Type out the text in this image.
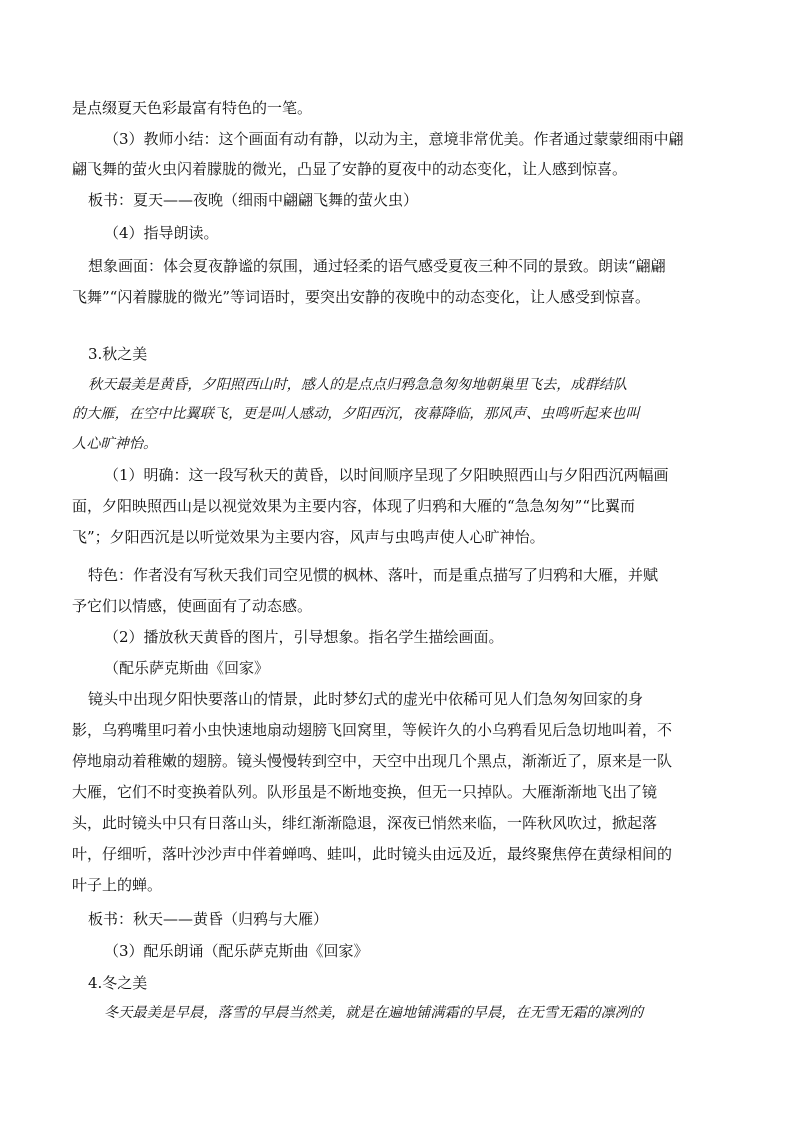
是点缀夏天色彩最富有特色的一笔。
（3）教师小结：这个画面有动有静，以动为主，意境非常优美。作者通过蒙蒙细雨中翩
翩飞舞的萤火虫闪着朦胧的微光，凸显了安静的夏夜中的动态变化，让人感到惊喜。
板书：夏天——夜晚（细雨中翩翩飞舞的萤火虫）
（4）指导朗读。
想象画面：体会夏夜静谧的氛围，通过轻柔的语气感受夏夜三种不同的景致。朗读“翩翩
飞舞”“闪着朦胧的微光”等词语时，要突出安静的夜晚中的动态变化，让人感受到惊喜。
3.秋之美
秋天最美是黄昏，夕阳照西山时，感人的是点点归鸦急急匆匆地朝巢里飞去，成群结队
的大雁，在空中比翼联飞，更是叫人感动，夕阳西沉，夜幕降临，那风声、虫鸣听起来也叫
人心旷神怡。
（1）明确：这一段写秋天的黄昏，以时间顺序呈现了夕阳映照西山与夕阳西沉两幅画
面，夕阳映照西山是以视觉效果为主要内容，体现了归鸦和大雁的“急急匆匆”“比翼而
飞”；夕阳西沉是以听觉效果为主要内容，风声与虫鸣声使人心旷神怡。
特色：作者没有写秋天我们司空见惯的枫林、落叶，而是重点描写了归鸦和大雁，并赋
予它们以情感，使画面有了动态感。
（2）播放秋天黄昏的图片，引导想象。指名学生描绘画面。
（配乐萨克斯曲《回家》
镜头中出现夕阳快要落山的情景，此时梦幻式的虚光中依稀可见人们急匆匆回家的身
影，乌鸦嘴里叼着小虫快速地扇动翅膀飞回窝里，等候许久的小乌鸦看见后急切地叫着，不
停地扇动着稚嫩的翅膀。镜头慢慢转到空中，天空中出现几个黑点，渐渐近了，原来是一队
大雁，它们不时变换着队列。队形虽是不断地变换，但无一只掉队。大雁渐渐地飞出了镜
头，此时镜头中只有日落山头，绯红渐渐隐退，深夜已悄然来临，一阵秋风吹过，掀起落
叶，仔细听，落叶沙沙声中伴着蝉鸣、蛙叫，此时镜头由远及近，最终聚焦停在黄绿相间的
叶子上的蝉。
板书：秋天——黄昏（归鸦与大雁）
（3）配乐朗诵（配乐萨克斯曲《回家》
4.冬之美
冬天最美是早晨，落雪的早晨当然美，就是在遍地铺满霜的早晨，在无雪无霜的凛冽的
